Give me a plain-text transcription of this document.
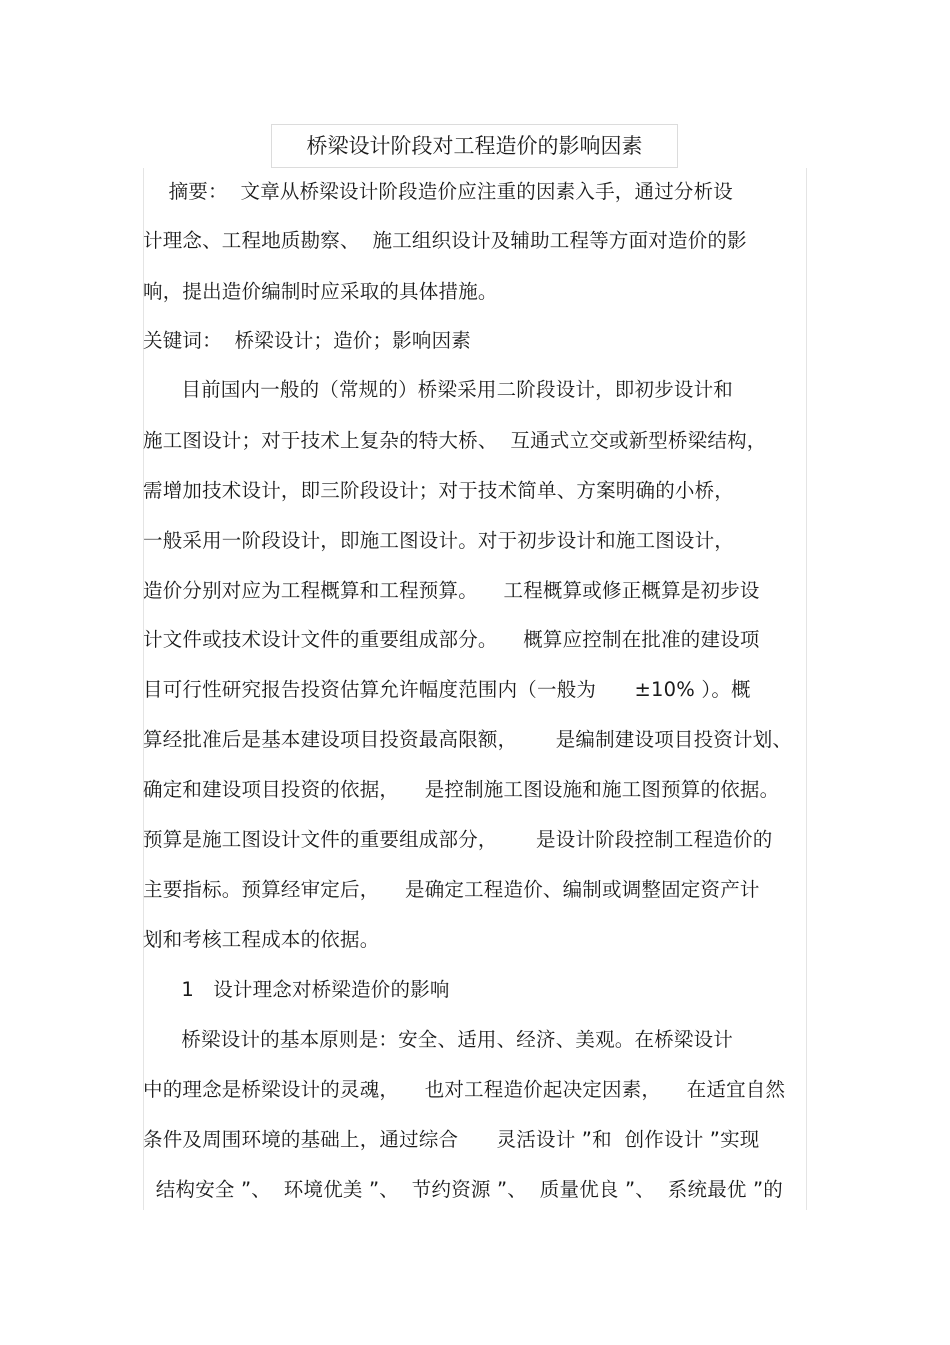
桥梁设计阶段对工程造价的影响因素
摘要：  文章从桥梁设计阶段造价应注重的因素入手，通过分析设
计理念、工程地质勘察、  施工组织设计及辅助工程等方面对造价的影
响，提出造价编制时应采取的具体措施。
关键词：  桥梁设计；造价；影响因素
目前国内一般的（常规的）桥梁采用二阶段设计，即初步设计和
施工图设计；对于技术上复杂的特大桥、  互通式立交或新型桥梁结构，
需增加技术设计，即三阶段设计；对于技术简单、方案明确的小桥，
一般采用一阶段设计，即施工图设计。对于初步设计和施工图设计，
造价分别对应为工程概算和工程预算。    工程概算或修正概算是初步设
计文件或技术设计文件的重要组成部分。    概算应控制在批准的建设项
目可行性研究报告投资估算允许幅度范围内（一般为      ±10% ）。概
算经批准后是基本建设项目投资最高限额，      是编制建设项目投资计划、
确定和建设项目投资的依据，    是控制施工图设施和施工图预算的依据。
预算是施工图设计文件的重要组成部分，      是设计阶段控制工程造价的
主要指标。预算经审定后，    是确定工程造价、编制或调整固定资产计
划和考核工程成本的依据。
1   设计理念对桥梁造价的影响
桥梁设计的基本原则是：安全、适用、经济、美观。在桥梁设计
中的理念是桥梁设计的灵魂，    也对工程造价起决定因素，    在适宜自然
条件及周围环境的基础上，通过综合      灵活设计 ”和  创作设计 ”实现
结构安全 ”、  环境优美 ”、  节约资源 ”、  质量优良 ”、  系统最优 ”的
